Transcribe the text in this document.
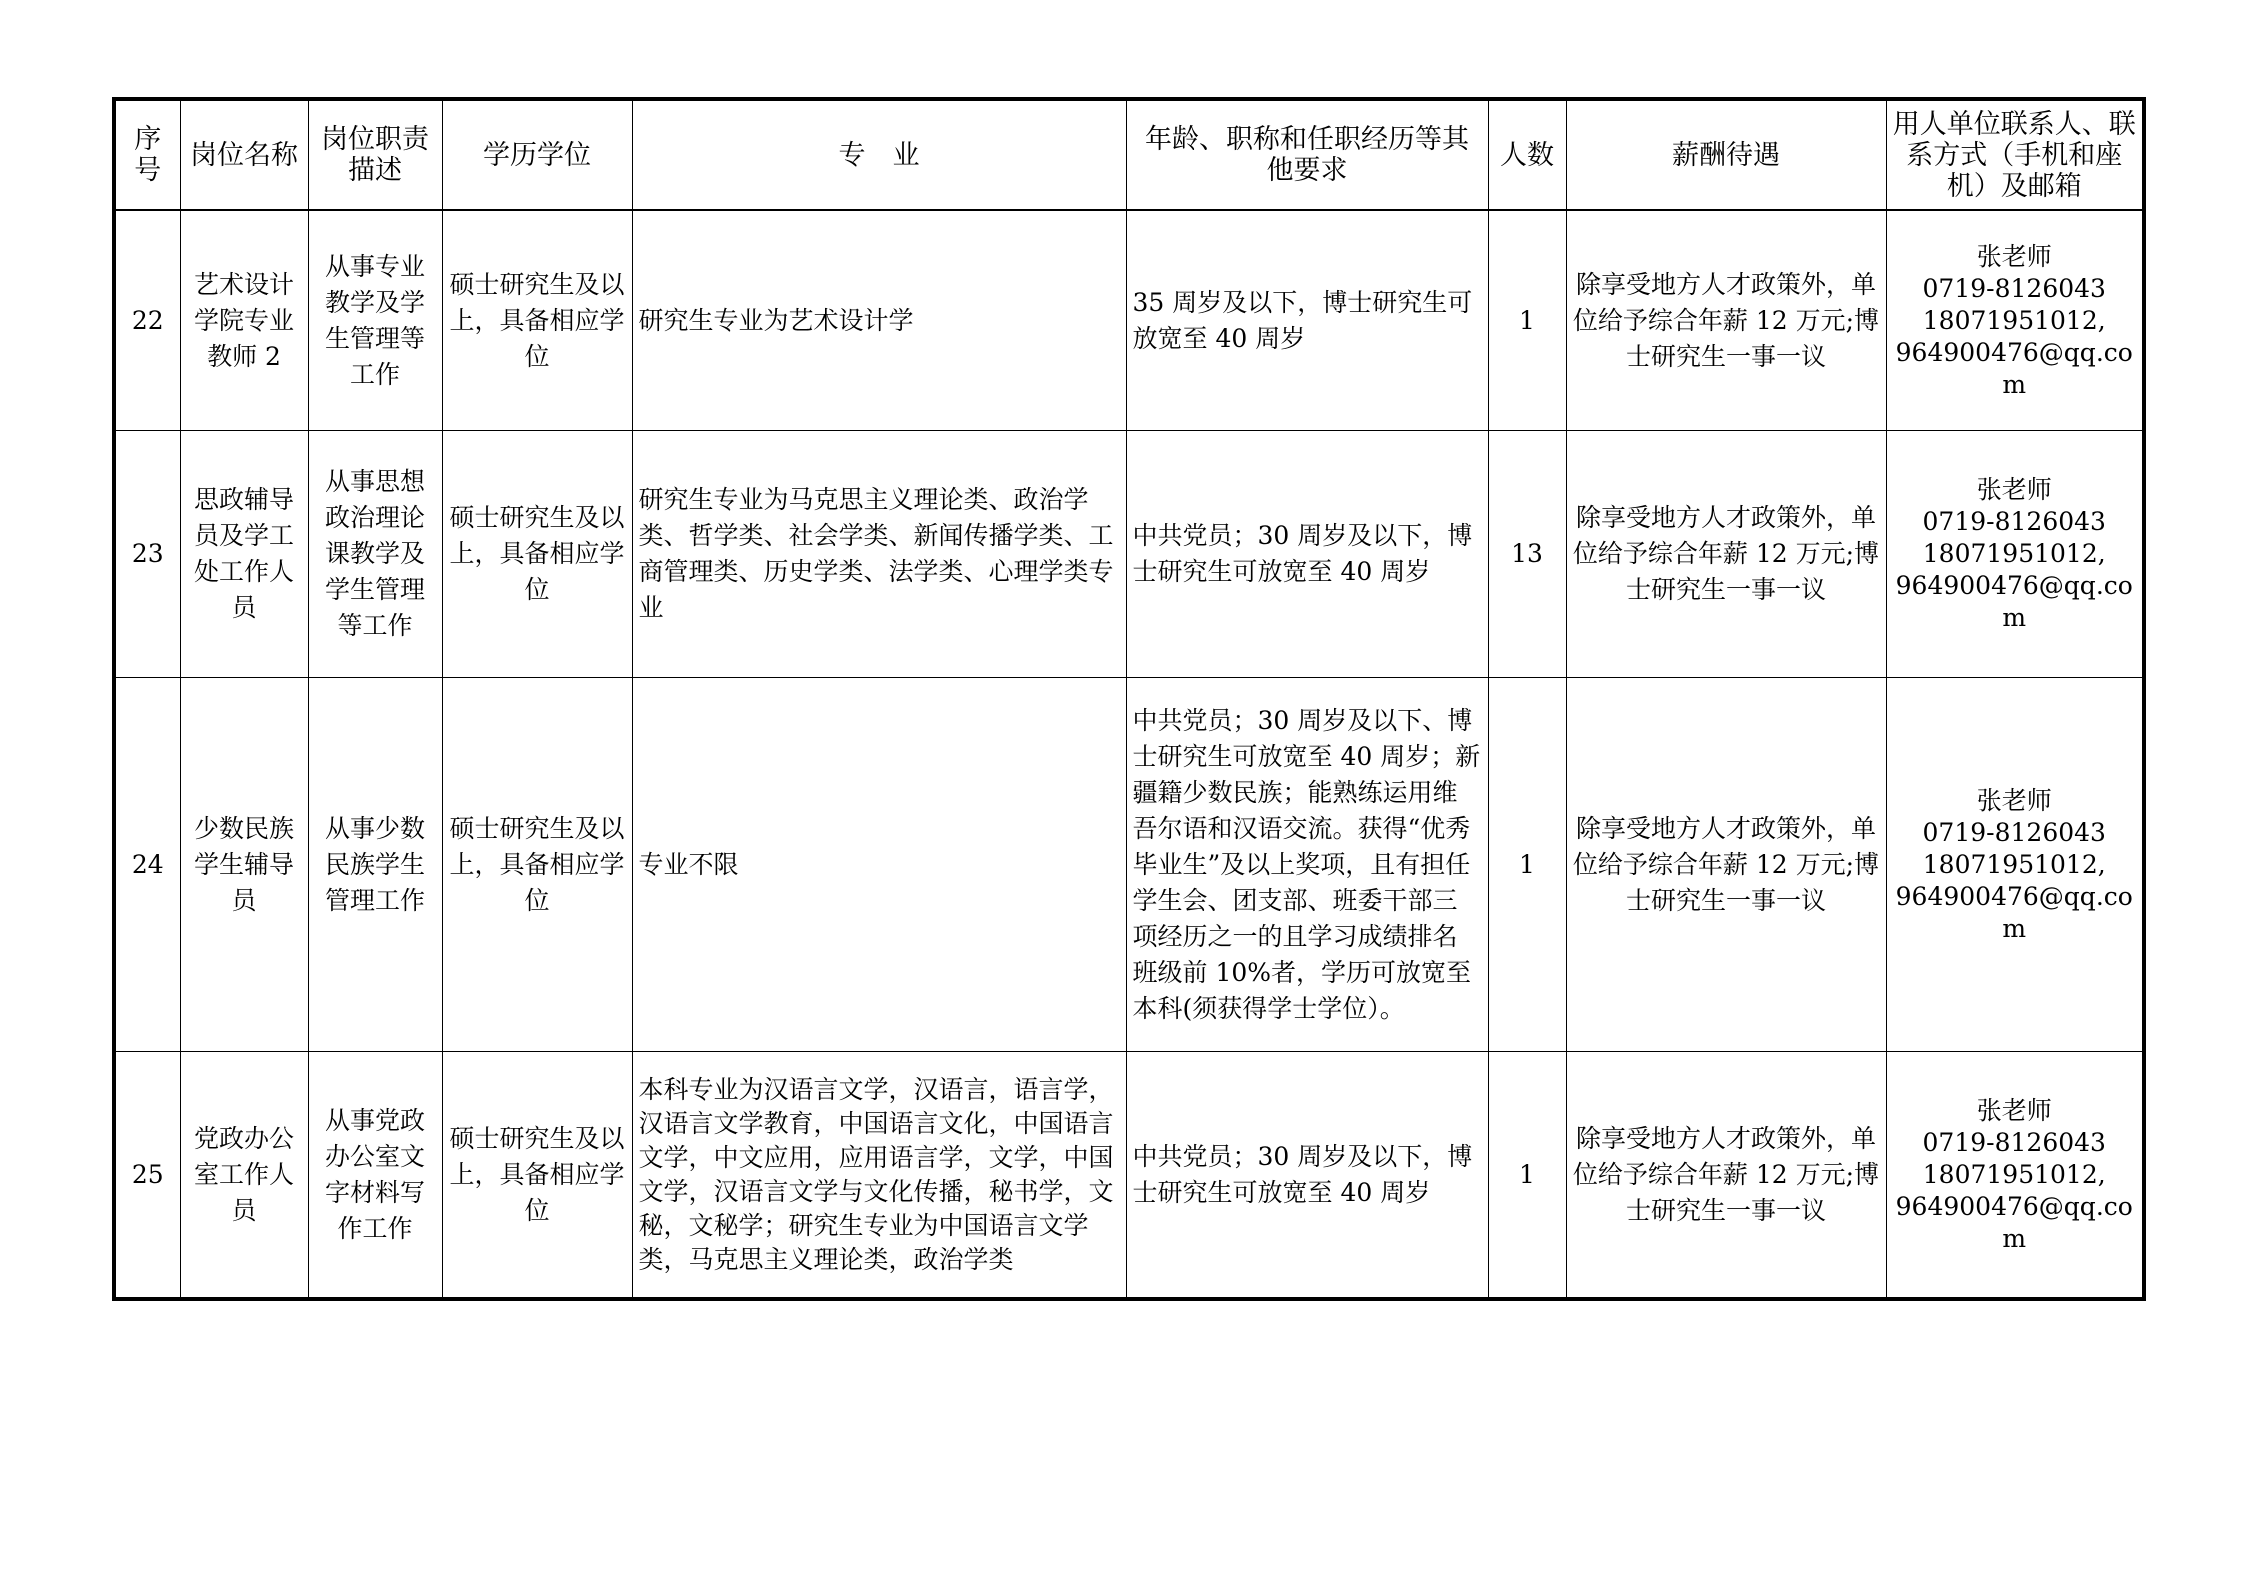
序号	岗位名称	岗位职责描述	学历学位	专　业	年龄、职称和任职经历等其他要求	人数	薪酬待遇	用人单位联系人、联系方式（手机和座机）及邮箱
22	艺术设计学院专业教师 2	从事专业教学及学生管理等工作	硕士研究生及以上，具备相应学位	研究生专业为艺术设计学	35 周岁及以下，博士研究生可放宽至 40 周岁	1	除享受地方人才政策外，单位给予综合年薪 12 万元;博士研究生一事一议	张老师
0719-8126043
18071951012,
964900476@qq.com

23	思政辅导员及学工处工作人员	从事思想政治理论课教学及学生管理等工作	硕士研究生及以上，具备相应学位	研究生专业为马克思主义理论类、政治学类、哲学类、社会学类、新闻传播学类、工商管理类、历史学类、法学类、心理学类专业	中共党员；30 周岁及以下，博士研究生可放宽至 40 周岁	13	除享受地方人才政策外，单位给予综合年薪 12 万元;博士研究生一事一议	张老师
0719-8126043
18071951012,
964900476@qq.com

24	少数民族学生辅导员	从事少数民族学生管理工作	硕士研究生及以上，具备相应学位	专业不限	中共党员；30 周岁及以下、博士研究生可放宽至 40 周岁；新疆籍少数民族；能熟练运用维吾尔语和汉语交流。获得“优秀毕业生”及以上奖项，且有担任学生会、团支部、班委干部三项经历之一的且学习成绩排名班级前 10%者，学历可放宽至本科(须获得学士学位）。	1	除享受地方人才政策外，单位给予综合年薪 12 万元;博士研究生一事一议	张老师
0719-8126043
18071951012,
964900476@qq.com

25	党政办公室工作人员	从事党政办公室文字材料写作工作	硕士研究生及以上，具备相应学位	本科专业为汉语言文学，汉语言，语言学，汉语言文学教育，中国语言文化，中国语言文学，中文应用，应用语言学，文学，中国文学，汉语言文学与文化传播，秘书学，文秘，文秘学；研究生专业为中国语言文学类，马克思主义理论类，政治学类	中共党员；30 周岁及以下，博士研究生可放宽至 40 周岁	1	除享受地方人才政策外，单位给予综合年薪 12 万元;博士研究生一事一议	张老师
0719-8126043
18071951012,
964900476@qq.com
